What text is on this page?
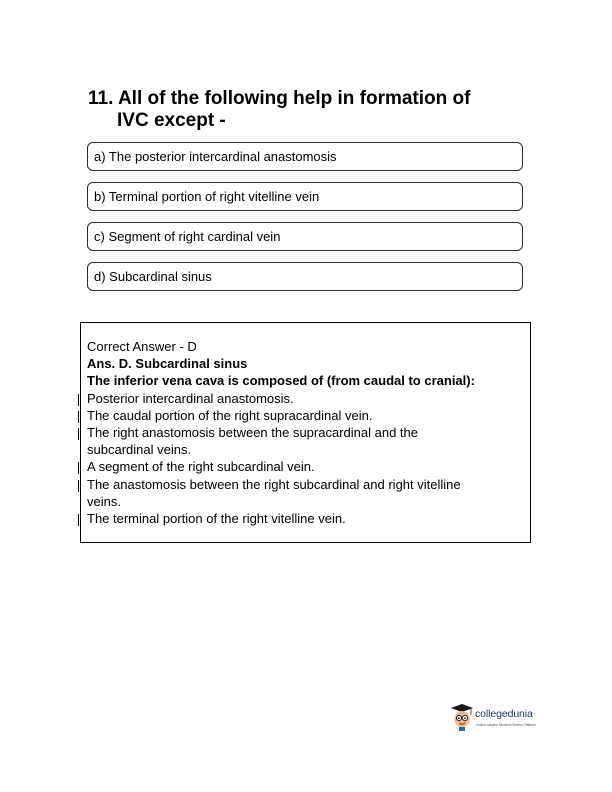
11. All of the following help in formation of
IVC except -
a) The posterior intercardinal anastomosis
b) Terminal portion of right vitelline vein
c) Segment of right cardinal vein
d) Subcardinal sinus
Correct Answer - D
Ans. D. Subcardinal sinus
The inferior vena cava is composed of (from caudal to cranial):
Posterior intercardinal anastomosis.
The caudal portion of the right supracardinal vein.
The right anastomosis between the supracardinal and the
subcardinal veins.
A segment of the right subcardinal vein.
The anastomosis between the right subcardinal and right vitelline
veins.
The terminal portion of the right vitelline vein.
collegedunia
India's Largest Student Review Platform
